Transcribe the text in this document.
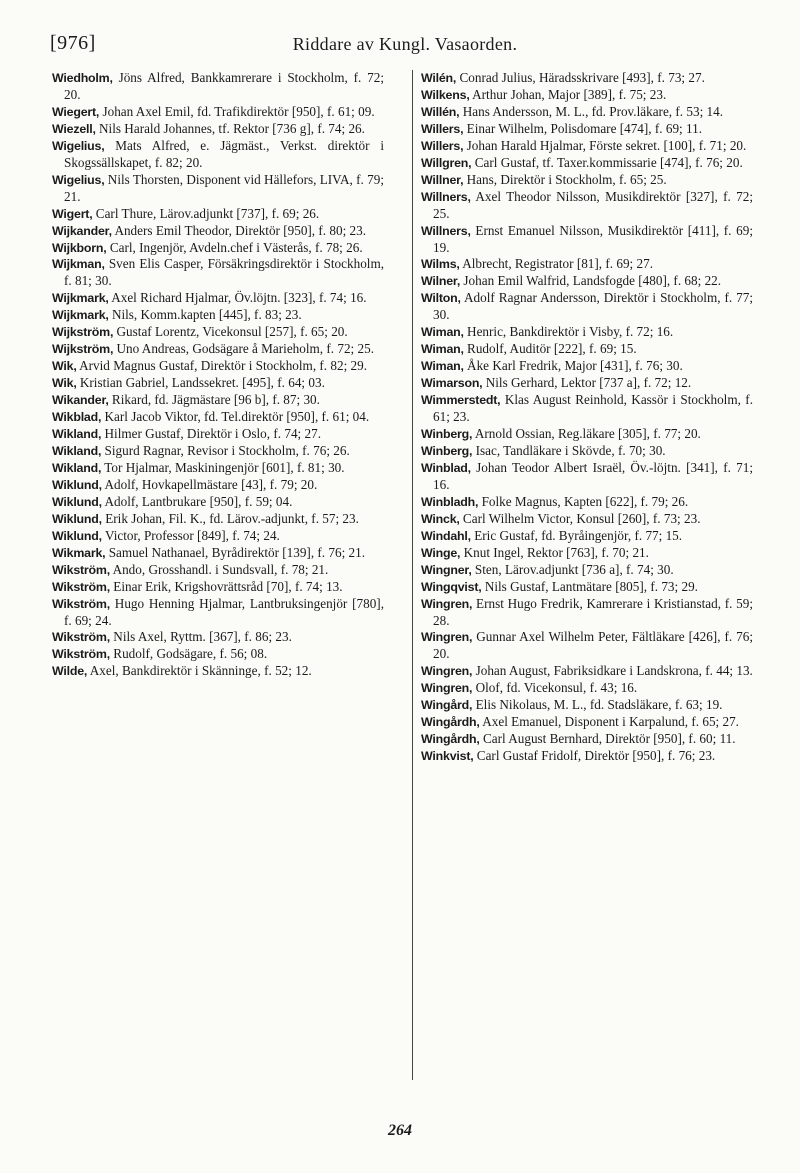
[976]	Riddare av Kungl. Vasaorden.

Wiedholm, Jöns Alfred, Bankkamrerare i Stockholm, f. 72; 20.

Wiegert, Johan Axel Emil, fd. Trafikdirektör [950], f. 61; 09.

Wiezell, Nils Harald Johannes, tf. Rektor [736 g], f. 74; 26.

Wigelius, Mats Alfred, e. Jägmäst., Verkst. direktör i Skogssällskapet, f. 82; 20.

Wigelius, Nils Thorsten, Disponent vid Hällefors, LIVA, f. 79; 21.

Wigert, Carl Thure, Lärov.adjunkt [737], f. 69; 26.

Wijkander, Anders Emil Theodor, Direktör [950], f. 80; 23.

Wijkborn, Carl, Ingenjör, Avdeln.chef i Västerås, f. 78; 26.

Wijkman, Sven Elis Casper, Försäkringsdirektör i Stockholm, f. 81; 30.

Wijkmark, Axel Richard Hjalmar, Öv.löjtn. [323], f. 74; 16.

Wijkmark, Nils, Komm.kapten [445], f. 83; 23.

Wijkström, Gustaf Lorentz, Vicekonsul [257], f. 65; 20.

Wijkström, Uno Andreas, Godsägare å Marieholm, f. 72; 25.

Wik, Arvid Magnus Gustaf, Direktör i Stockholm, f. 82; 29.

Wik, Kristian Gabriel, Landssekret. [495], f. 64; 03.

Wikander, Rikard, fd. Jägmästare [96 b], f. 87; 30.

Wikblad, Karl Jacob Viktor, fd. Tel.direktör [950], f. 61; 04.

Wikland, Hilmer Gustaf, Direktör i Oslo, f. 74; 27.

Wikland, Sigurd Ragnar, Revisor i Stockholm, f. 76; 26.

Wikland, Tor Hjalmar, Maskiningenjör [601], f. 81; 30.

Wiklund, Adolf, Hovkapellmästare [43], f. 79; 20.

Wiklund, Adolf, Lantbrukare [950], f. 59; 04.

Wiklund, Erik Johan, Fil. K., fd. Lärov.-adjunkt, f. 57; 23.

Wiklund, Victor, Professor [849], f. 74; 24.

Wikmark, Samuel Nathanael, Byrådirektör [139], f. 76; 21.

Wikström, Ando, Grosshandl. i Sundsvall, f. 78; 21.

Wikström, Einar Erik, Krigshovrättsråd [70], f. 74; 13.

Wikström, Hugo Henning Hjalmar, Lantbruksingenjör [780], f. 69; 24.

Wikström, Nils Axel, Ryttm. [367], f. 86; 23.

Wikström, Rudolf, Godsägare, f. 56; 08.

Wilde, Axel, Bankdirektör i Skänninge, f. 52; 12.

Wilén, Conrad Julius, Häradsskrivare [493], f. 73; 27.

Wilkens, Arthur Johan, Major [389], f. 75; 23.

Willén, Hans Andersson, M. L., fd. Prov.läkare, f. 53; 14.

Willers, Einar Wilhelm, Polisdomare [474], f. 69; 11.

Willers, Johan Harald Hjalmar, Förste sekret. [100], f. 71; 20.

Willgren, Carl Gustaf, tf. Taxer.kommissarie [474], f. 76; 20.

Willner, Hans, Direktör i Stockholm, f. 65; 25.

Willners, Axel Theodor Nilsson, Musikdirektör [327], f. 72; 25.

Willners, Ernst Emanuel Nilsson, Musikdirektör [411], f. 69; 19.

Wilms, Albrecht, Registrator [81], f. 69; 27.

Wilner, Johan Emil Walfrid, Landsfogde [480], f. 68; 22.

Wilton, Adolf Ragnar Andersson, Direktör i Stockholm, f. 77; 30.

Wiman, Henric, Bankdirektör i Visby, f. 72; 16.

Wiman, Rudolf, Auditör [222], f. 69; 15.

Wiman, Åke Karl Fredrik, Major [431], f. 76; 30.

Wimarson, Nils Gerhard, Lektor [737 a], f. 72; 12.

Wimmerstedt, Klas August Reinhold, Kassör i Stockholm, f. 61; 23.

Winberg, Arnold Ossian, Reg.läkare [305], f. 77; 20.

Winberg, Isac, Tandläkare i Skövde, f. 70; 30.

Winblad, Johan Teodor Albert Israël, Öv.-löjtn. [341], f. 71; 16.

Winbladh, Folke Magnus, Kapten [622], f. 79; 26.

Winck, Carl Wilhelm Victor, Konsul [260], f. 73; 23.

Windahl, Eric Gustaf, fd. Byråingenjör, f. 77; 15.

Winge, Knut Ingel, Rektor [763], f. 70; 21.

Wingner, Sten, Lärov.adjunkt [736 a], f. 74; 30.

Wingqvist, Nils Gustaf, Lantmätare [805], f. 73; 29.

Wingren, Ernst Hugo Fredrik, Kamrerare i Kristianstad, f. 59; 28.

Wingren, Gunnar Axel Wilhelm Peter, Fältläkare [426], f. 76; 20.

Wingren, Johan August, Fabriksidkare i Landskrona, f. 44; 13.

Wingren, Olof, fd. Vicekonsul, f. 43; 16.

Wingård, Elis Nikolaus, M. L., fd. Stadsläkare, f. 63; 19.

Wingårdh, Axel Emanuel, Disponent i Karpalund, f. 65; 27.

Wingårdh, Carl August Bernhard, Direktör [950], f. 60; 11.

Winkvist, Carl Gustaf Fridolf, Direktör [950], f. 76; 23.

264
